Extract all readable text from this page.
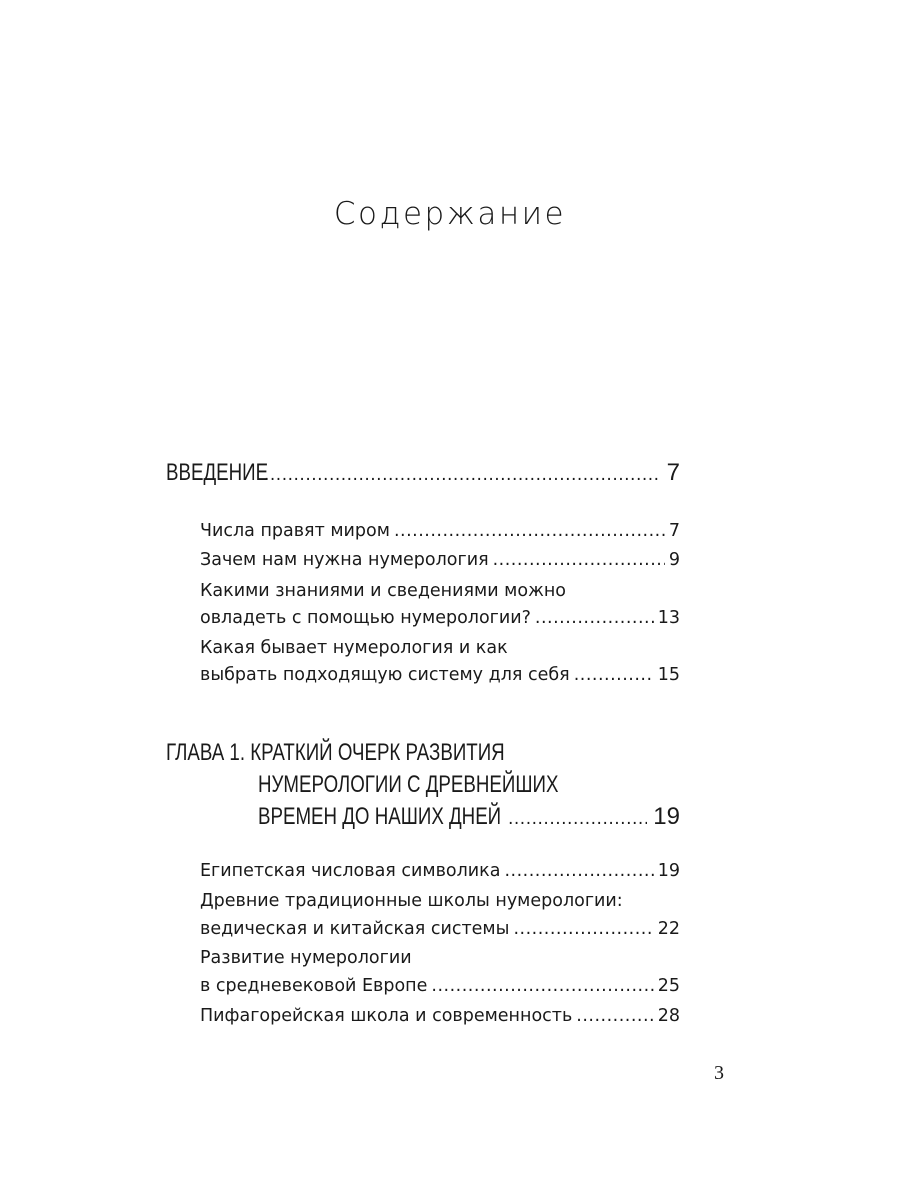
Содержание
ВВЕДЕНИЕ .....	7
Числа правят миром .....	7
Зачем нам нужна нумерология .....	9
Какими знаниями и сведениями можно
овладеть с помощью нумерологии? .....	13
Какая бывает нумерология и как
выбрать подходящую систему для себя .....	15
ГЛАВА 1. КРАТКИЙ ОЧЕРК РАЗВИТИЯ
НУМЕРОЛОГИИ С ДРЕВНЕЙШИХ
ВРЕМЕН ДО НАШИХ ДНЕЙ .....	19
Египетская числовая символика .....	19
Древние традиционные школы нумерологии:
ведическая и китайская системы .....	22
Развитие нумерологии
в средневековой Европе .....	25
Пифагорейская школа и современность .....	28
3
